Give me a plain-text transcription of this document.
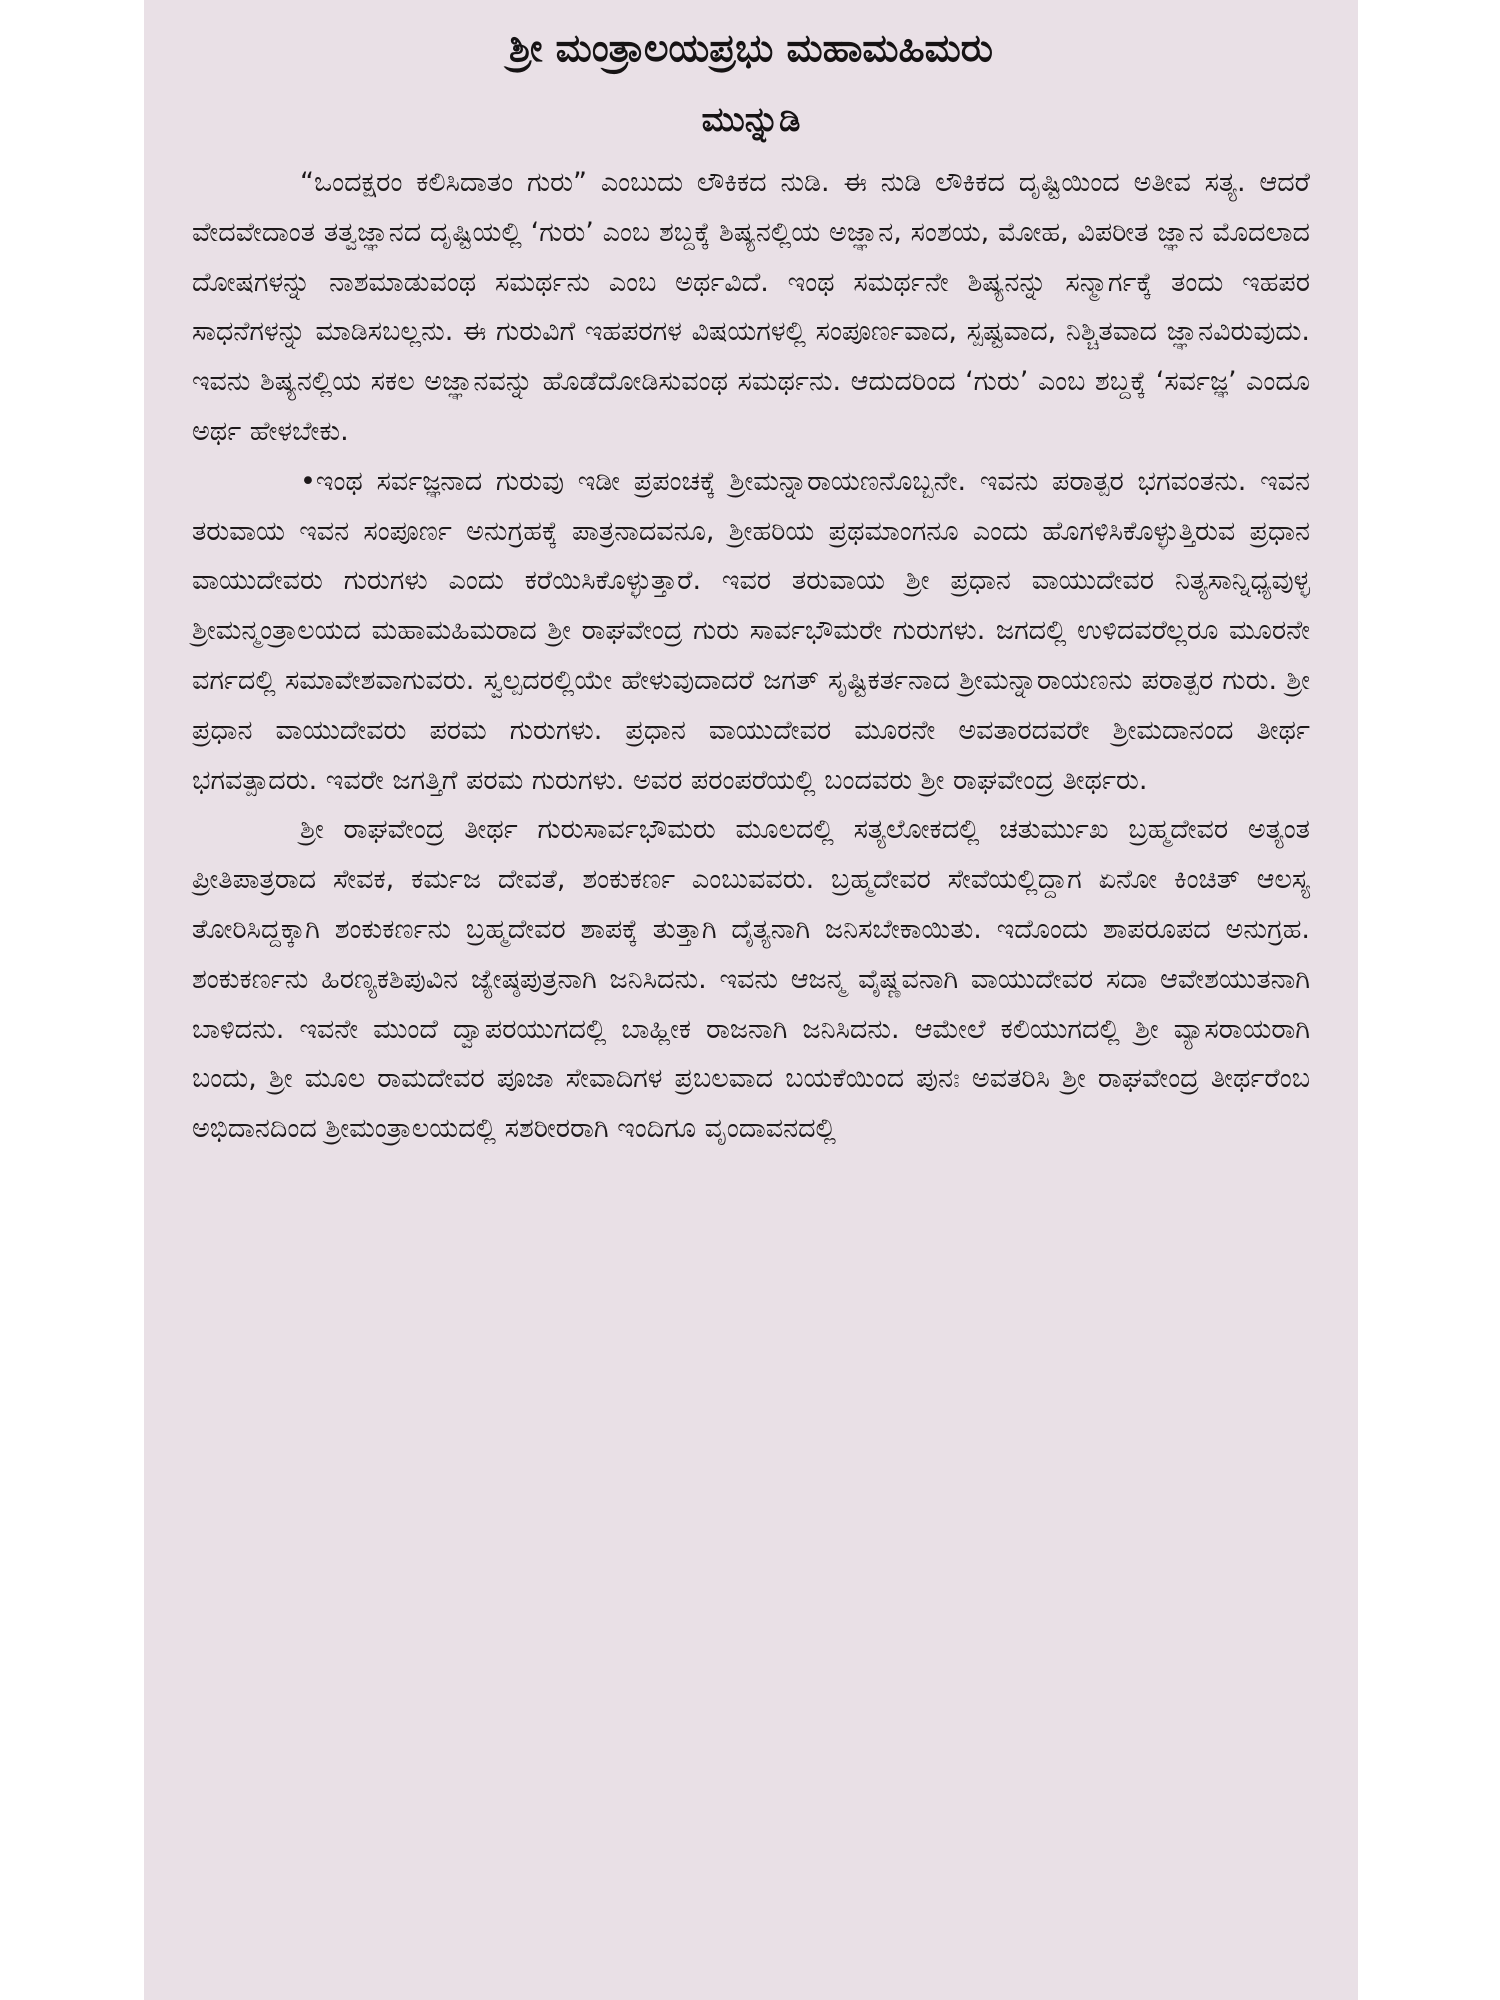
ಶ್ರೀ ಮಂತ್ರಾಲಯಪ್ರಭು ಮಹಾಮಹಿಮರು
ಮುನ್ನುಡಿ

“ಒಂದಕ್ಷರಂ ಕಲಿಸಿದಾತಂ ಗುರು” ಎಂಬುದು ಲೌಕಿಕದ ನುಡಿ. ಈ ನುಡಿ ಲೌಕಿಕದ ದೃಷ್ಟಿಯಿಂದ ಅತೀವ ಸತ್ಯ. ಆದರೆ ವೇದವೇದಾಂತ ತತ್ವಜ್ಞಾನದ ದೃಷ್ಟಿಯಲ್ಲಿ ‘ಗುರು’ ಎಂಬ ಶಬ್ದಕ್ಕೆ ಶಿಷ್ಯನಲ್ಲಿಯ ಅಜ್ಞಾನ, ಸಂಶಯ, ಮೋಹ, ವಿಪರೀತ ಜ್ಞಾನ ಮೊದಲಾದ ದೋಷಗಳನ್ನು ನಾಶಮಾಡುವಂಥ ಸಮರ್ಥನು ಎಂಬ ಅರ್ಥವಿದೆ. ಇಂಥ ಸಮರ್ಥನೇ ಶಿಷ್ಯನನ್ನು ಸನ್ಮಾರ್ಗಕ್ಕೆ ತಂದು ಇಹಪರ ಸಾಧನೆಗಳನ್ನು ಮಾಡಿಸಬಲ್ಲನು. ಈ ಗುರುವಿಗೆ ಇಹಪರಗಳ ವಿಷಯಗಳಲ್ಲಿ ಸಂಪೂರ್ಣವಾದ, ಸ್ಪಷ್ಟವಾದ, ನಿಶ್ಚಿತವಾದ ಜ್ಞಾನವಿರುವುದು. ಇವನು ಶಿಷ್ಯನಲ್ಲಿಯ ಸಕಲ ಅಜ್ಞಾನವನ್ನು ಹೊಡೆದೋಡಿಸುವಂಥ ಸಮರ್ಥನು. ಆದುದರಿಂದ ‘ಗುರು’ ಎಂಬ ಶಬ್ದಕ್ಕೆ ‘ಸರ್ವಜ್ಞ’ ಎಂದೂ ಅರ್ಥ ಹೇಳಬೇಕು.

•ಇಂಥ ಸರ್ವಜ್ಞನಾದ ಗುರುವು ಇಡೀ ಪ್ರಪಂಚಕ್ಕೆ ಶ್ರೀಮನ್ನಾರಾಯಣನೊಬ್ಬನೇ. ಇವನು ಪರಾತ್ಪರ ಭಗವಂತನು. ಇವನ ತರುವಾಯ ಇವನ ಸಂಪೂರ್ಣ ಅನುಗ್ರಹಕ್ಕೆ ಪಾತ್ರನಾದವನೂ, ಶ್ರೀಹರಿಯ ಪ್ರಥಮಾಂಗನೂ ಎಂದು ಹೊಗಳಿಸಿಕೊಳ್ಳುತ್ತಿರುವ ಪ್ರಧಾನ ವಾಯುದೇವರು ಗುರುಗಳು ಎಂದು ಕರೆಯಿಸಿಕೊಳ್ಳುತ್ತಾರೆ. ಇವರ ತರುವಾಯ ಶ್ರೀ ಪ್ರಧಾನ ವಾಯುದೇವರ ನಿತ್ಯಸಾನ್ನಿಧ್ಯವುಳ್ಳ ಶ್ರೀಮನ್ಮಂತ್ರಾಲಯದ ಮಹಾಮಹಿಮರಾದ ಶ್ರೀ ರಾಘವೇಂದ್ರ ಗುರು ಸಾರ್ವಭೌಮರೇ ಗುರುಗಳು. ಜಗದಲ್ಲಿ ಉಳಿದವರೆಲ್ಲರೂ ಮೂರನೇ ವರ್ಗದಲ್ಲಿ ಸಮಾವೇಶವಾಗುವರು. ಸ್ವಲ್ಪದರಲ್ಲಿಯೇ ಹೇಳುವುದಾದರೆ ಜಗತ್ ಸೃಷ್ಟಿಕರ್ತನಾದ ಶ್ರೀಮನ್ನಾರಾಯಣನು ಪರಾತ್ಪರ ಗುರು. ಶ್ರೀ ಪ್ರಧಾನ ವಾಯುದೇವರು ಪರಮ ಗುರುಗಳು. ಪ್ರಧಾನ ವಾಯುದೇವರ ಮೂರನೇ ಅವತಾರದವರೇ ಶ್ರೀಮದಾನಂದ ತೀರ್ಥ ಭಗವತ್ಪಾದರು. ಇವರೇ ಜಗತ್ತಿಗೆ ಪರಮ ಗುರುಗಳು. ಅವರ ಪರಂಪರೆಯಲ್ಲಿ ಬಂದವರು ಶ್ರೀ ರಾಘವೇಂದ್ರ ತೀರ್ಥರು.

ಶ್ರೀ ರಾಘವೇಂದ್ರ ತೀರ್ಥ ಗುರುಸಾರ್ವಭೌಮರು ಮೂಲದಲ್ಲಿ ಸತ್ಯಲೋಕದಲ್ಲಿ ಚತುರ್ಮುಖ ಬ್ರಹ್ಮದೇವರ ಅತ್ಯಂತ ಪ್ರೀತಿಪಾತ್ರರಾದ ಸೇವಕ, ಕರ್ಮಜ ದೇವತೆ, ಶಂಕುಕರ್ಣ ಎಂಬುವವರು. ಬ್ರಹ್ಮದೇವರ ಸೇವೆಯಲ್ಲಿದ್ದಾಗ ಏನೋ ಕಿಂಚಿತ್ ಆಲಸ್ಯ ತೋರಿಸಿದ್ದಕ್ಕಾಗಿ ಶಂಕುಕರ್ಣನು ಬ್ರಹ್ಮದೇವರ ಶಾಪಕ್ಕೆ ತುತ್ತಾಗಿ ದೈತ್ಯನಾಗಿ ಜನಿಸಬೇಕಾಯಿತು. ಇದೊಂದು ಶಾಪರೂಪದ ಅನುಗ್ರಹ. ಶಂಕುಕರ್ಣನು ಹಿರಣ್ಯಕಶಿಪುವಿನ ಜ್ಯೇಷ್ಠಪುತ್ರನಾಗಿ ಜನಿಸಿದನು. ಇವನು ಆಜನ್ಮ ವೈಷ್ಣವನಾಗಿ ವಾಯುದೇವರ ಸದಾ ಆವೇಶಯುತನಾಗಿ ಬಾಳಿದನು. ಇವನೇ ಮುಂದೆ ದ್ವಾಪರಯುಗದಲ್ಲಿ ಬಾಹ್ಲೀಕ ರಾಜನಾಗಿ ಜನಿಸಿದನು. ಆಮೇಲೆ ಕಲಿಯುಗದಲ್ಲಿ ಶ್ರೀ ವ್ಯಾಸರಾಯರಾಗಿ ಬಂದು, ಶ್ರೀ ಮೂಲ ರಾಮದೇವರ ಪೂಜಾ ಸೇವಾದಿಗಳ ಪ್ರಬಲವಾದ ಬಯಕೆಯಿಂದ ಪುನಃ ಅವತರಿಸಿ ಶ್ರೀ ರಾಘವೇಂದ್ರ ತೀರ್ಥರೆಂಬ ಅಭಿದಾನದಿಂದ ಶ್ರೀಮಂತ್ರಾಲಯದಲ್ಲಿ ಸಶರೀರರಾಗಿ ಇಂದಿಗೂ ವೃಂದಾವನದಲ್ಲಿ
